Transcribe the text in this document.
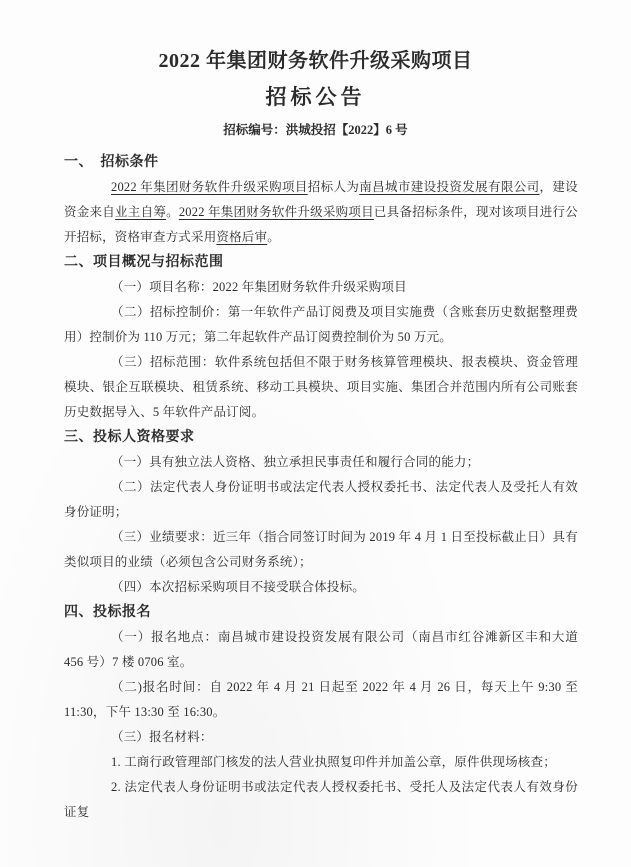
2022 年集团财务软件升级采购项目
招标公告
招标编号：洪城投招【2022】6 号
一、　招标条件
2022 年集团财务软件升级采购项目招标人为南昌城市建设投资发展有限公司，建设资金来自业主自筹。2022 年集团财务软件升级采购项目已具备招标条件，现对该项目进行公开招标，资格审查方式采用资格后审。
二、项目概况与招标范围
（一）项目名称：2022 年集团财务软件升级采购项目
（二）招标控制价：第一年软件产品订阅费及项目实施费（含账套历史数据整理费用）控制价为 110 万元；第二年起软件产品订阅费控制价为 50 万元。
（三）招标范围：软件系统包括但不限于财务核算管理模块、报表模块、资金管理模块、银企互联模块、租赁系统、移动工具模块、项目实施、集团合并范围内所有公司账套历史数据导入、5 年软件产品订阅。
三、投标人资格要求
（一）具有独立法人资格、独立承担民事责任和履行合同的能力；
（二）法定代表人身份证明书或法定代表人授权委托书、法定代表人及受托人有效身份证明；
（三）业绩要求：近三年（指合同签订时间为 2019 年 4 月 1 日至投标截止日）具有类似项目的业绩（必须包含公司财务系统）；
（四）本次招标采购项目不接受联合体投标。
四、投标报名
（一）报名地点：南昌城市建设投资发展有限公司（南昌市红谷滩新区丰和大道 456 号）7 楼 0706 室。
（二)报名时间：自 2022 年 4 月 21 日起至 2022 年 4 月 26 日，每天上午 9:30 至 11:30，下午 13:30 至 16:30。
（三）报名材料：
1. 工商行政管理部门核发的法人营业执照复印件并加盖公章，原件供现场核查；
2. 法定代表人身份证明书或法定代表人授权委托书、受托人及法定代表人有效身份证复
